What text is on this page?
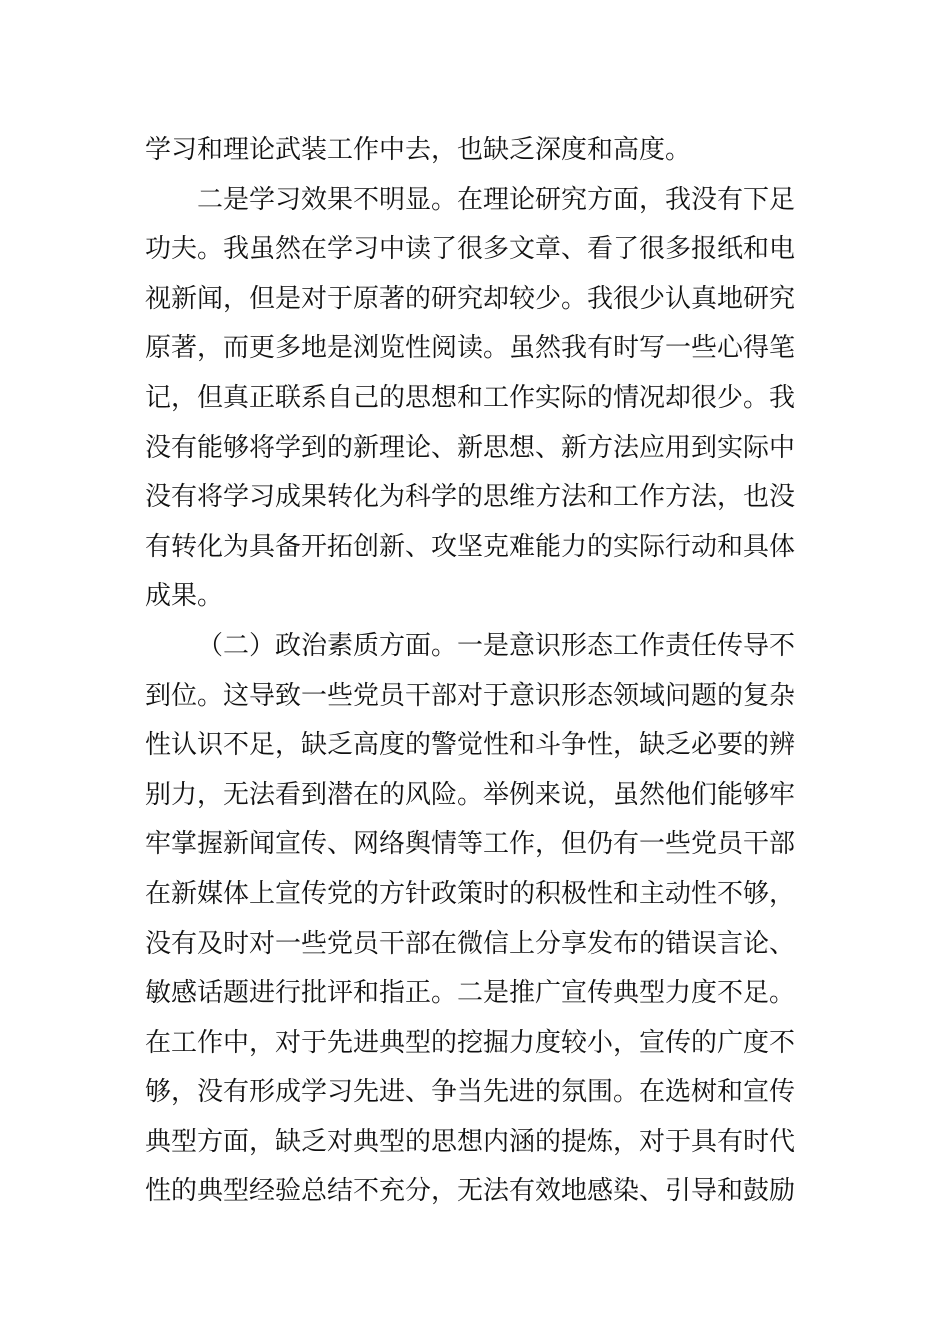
学习和理论武装工作中去，也缺乏深度和高度。
二是学习效果不明显。在理论研究方面，我没有下足
功夫。我虽然在学习中读了很多文章、看了很多报纸和电
视新闻，但是对于原著的研究却较少。我很少认真地研究
原著，而更多地是浏览性阅读。虽然我有时写一些心得笔
记，但真正联系自己的思想和工作实际的情况却很少。我
没有能够将学到的新理论、新思想、新方法应用到实际中
没有将学习成果转化为科学的思维方法和工作方法，也没
有转化为具备开拓创新、攻坚克难能力的实际行动和具体
成果。
（二）政治素质方面。一是意识形态工作责任传导不
到位。这导致一些党员干部对于意识形态领域问题的复杂
性认识不足，缺乏高度的警觉性和斗争性，缺乏必要的辨
别力，无法看到潜在的风险。举例来说，虽然他们能够牢
牢掌握新闻宣传、网络舆情等工作，但仍有一些党员干部
在新媒体上宣传党的方针政策时的积极性和主动性不够，
没有及时对一些党员干部在微信上分享发布的错误言论、
敏感话题进行批评和指正。二是推广宣传典型力度不足。
在工作中，对于先进典型的挖掘力度较小，宣传的广度不
够，没有形成学习先进、争当先进的氛围。在选树和宣传
典型方面，缺乏对典型的思想内涵的提炼，对于具有时代
性的典型经验总结不充分，无法有效地感染、引导和鼓励
